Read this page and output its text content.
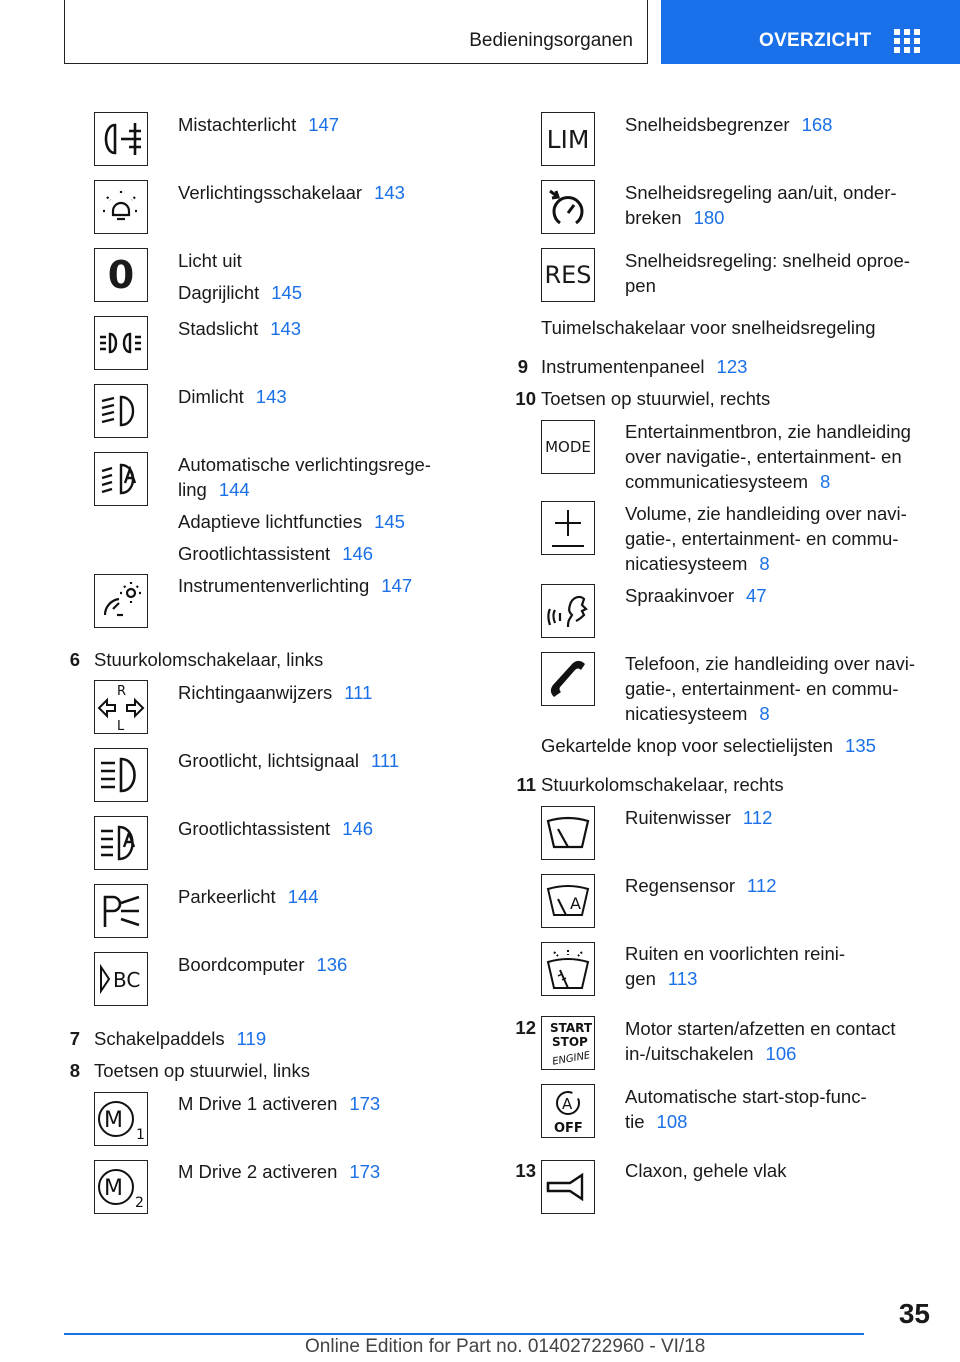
Bedieningsorganen	OVERZICHT
Mistachterlicht 147
Verlichtingsschakelaar 143
0 Licht uit
Dagrijlicht 145
Stadslicht 143
Dimlicht 143
Automatische verlichtingsrege-
ling 144
Adaptieve lichtfuncties 145
Grootlichtassistent 146
Instrumentenverlichting 147
6 Stuurkolomschakelaar, links
R
L
Richtingaanwijzers 111
Grootlicht, lichtsignaal 111
Grootlichtassistent 146
Parkeerlicht 144
BC
Boordcomputer 136
7 Schakelpaddels 119
8 Toetsen op stuurwiel, links
M
1
M Drive 1 activeren 173
M
2
M Drive 2 activeren 173
LIM Snelheidsbegrenzer 168
Snelheidsregeling aan/uit, onder-
breken 180
RES
Snelheidsregeling: snelheid oproe-
pen
Tuimelschakelaar voor snelheidsregeling
9 Instrumentenpaneel 123
10 Toetsen op stuurwiel, rechts
MODE
Entertainmentbron, zie handleiding
over navigatie-, entertainment- en
communicatiesysteem 8
Volume, zie handleiding over navi-
gatie-, entertainment- en commu-
nicatiesysteem 8
Spraakinvoer 47
Telefoon, zie handleiding over navi-
gatie-, entertainment- en commu-
nicatiesysteem 8
Gekartelde knop voor selectielijsten 135
11 Stuurkolomschakelaar, rechts
Ruitenwisser 112
A
Regensensor 112
Ruiten en voorlichten reini-
gen 113
12 START
STOP
ENGINE
Motor starten/afzetten en contact
in-/uitschakelen 106
A
OFF
Automatische start-stop-func-
tie 108
13	Claxon, gehele vlak
35
Online Edition for Part no. 01402722960 - VI/18
